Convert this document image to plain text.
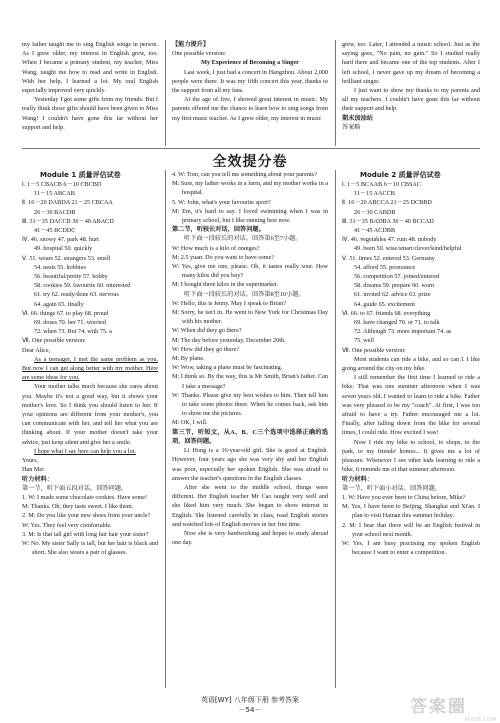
my father taught me to sing English songs in person. As I grew older, my interest in English grew, too. When I became a primary student, my teacher, Miss Wang, taught me how to read and write in English. With her help, I learned a lot. My oral English especially improved very quickly.

Yesterday I got some gifts from my friends. But I really think those gifts should have been given to Miss Wang! I couldn't have gone this far without her support and help.

【能力提升】

One possible version:

My Experience of Becoming a Singer

Last week, I just had a concert in Hangzhou. About 2,000 people were there. It was my fifth concert this year, thanks to the support from all my fans.

At the age of five, I showed great interest in music. My parents offered me the chance to learn how to sing songs from my first music teacher. As I grew older, my interest in music

grew, too. Later, I attended a music school. Just as the saying goes, "No pain, no gain." So I studied really hard there and became one of the top students. After I left school, I never gave up my dream of becoming a brilliant singer.

I just want to show my thanks to my parents and all my teachers. I couldn't have gone this far without their support and help.

期末加油站

答案略

全效提分卷
Module 1 质量评估试卷

Ⅰ. 1－5 CBACB 6－10 CBCBD

11－15 ABCAB

Ⅱ. 16－20 DABDA 21－25 CBCAA

26－30 BACDB

Ⅲ. 31－35 DACCB 36－40 ABACD

41－45 BCDDC

Ⅳ. 46. snowy 47. park 48. hurt

49. hospital 50. quickly

Ⅴ. 51. wears 52. strangers 53. smell

54. nests 55. hobbies

56. beautiful/pretty 57. hobby

58. cookies 59. favourite 60. interested

61. try 62. ready/done 63. nervous

64. again 65. finally

Ⅵ. 66. things 67. to play 68. proud

69. doses 70. her 71. worried

72. when 73. But 74. with 75. a

Ⅶ. One possible version:

Dear Alice,

As a teenager, I met the same problem as you. But now I can get along better with my mother. Here are some ideas for you.

Your mother talks much because she cares about you. Maybe it's not a good way, but it shows your mother's love. So I think you should listen to her. If your opinions are different from your mother's, you can communicate with her, and tell her what you are thinking about. If your mother doesn't take your advice, just keep silent and give her a smile.

I hope what I say here can help you a lot.

Yours,

Han Mei

听力材料：

第一节，听下面五段对话，回答问题。

1. W: I made some chocolate cookies. Have some!

M: Thanks. Oh, they taste sweet. I like them.

2. M: Do you like your new shoes from your uncle?

W: Yes. They feel very comfortable.

3. M: Is that tall girl with long fair hair your sister?

W: No. My sister Sally is tall, but her hair is black and short. She also wears a pair of glasses.

4. W: Tom, can you tell me something about your parents?

M: Sure, my father works in a farm, and my mother works in a hospital.

5. W: John, what's your favourite sport?

M: Em, it's hard to say. I loved swimming when I was in primary school, but I like running best now.

第二节，听较长对话，回答问题。

听下面一段较长的对话，回答第6至7小题。

W: How much is a kilo of oranges?

M: 2.5 yuan. Do you want to have some?

W: Yes, give me one, please. Oh, it tastes really sour. How many kilos did you buy?

M: I bought three kilos in the supermarket.

听下面一段较长的对话，回答第8至10小题。

W: Hello, this is Jenny. May I speak to Brian?

M: Sorry, he isn't in. He went to New York for Christmas Day with his mother.

W: When did they go there?

M: The day before yesterday, December 20th.

W: How did they go there?

M: By plane.

W: Wow, taking a plane must be fascinating.

M: I think so. By the way, this is Mr Smith, Brian's father. Can I take a message?

W: Thanks. Please give my best wishes to him. Then tell him to take some photos there. When he comes back, ask him to show me the pictures.

M: OK, I will.

第三节，听短文，从A、B、C三个选项中选择正确的选项，回答问题。

Li Hong is a 16-year-old girl. She is good at English. However, four years ago she was very shy and her English was poor, especially her spoken English. She was afraid to answer the teacher's questions in the English classes.

After she went to the middle school, things were different. Her English teacher Mr Cao taught very well and she liked him very much. She began to show interest in English. She listened carefully in class, read English stories and watched lots of English movies in her free time.

Now she is very hardworking and hopes to study abroad one day.

Module 2 质量评估试卷

Ⅰ. 1－5 BCAAB 6－10 CBSAC

11－15 AACCB

Ⅱ. 16－20 ABCCA 21－25 DCBBD

26－30 CABDB

Ⅲ. 31－35 BADBA 36－40 BCCAD

41－45 ACDBB

Ⅳ. 46. vegetables 47. ruin 48. nobody

49. been 50. wise/smart/clever/kind/helpful

Ⅴ. 51. times 52. entered 53. Germany

54. afford 55. pronounce

56. competition 57. joined/entered

58. dreams 59. prepare 60. worn

61. invited 62. advice 63. prize

64. guide 65. excitement

Ⅵ. 66. to 67. friends 68. everything

69. have changed 70. or 71. to talk

72. Although 73. more important 74. as

75. well

Ⅶ. One possible version:

Most students can ride a bike, and so can I. I like going around the city on my bike.

I still remember the first time I learned to ride a bike. That was one summer afternoon when I was seven years old. I wanted to learn to ride a bike. Father was very pleased to be my "coach". At first, I was too afraid to have a try. Father encouraged me a lot. Finally, after falling down from the bike for several times, I could ride. How excited I was!

Now I ride my bike to school, to shops, to the park, to my friends' homes... It gives me a lot of pleasure. Whenever I see other kids learning to ride a bike, it reminds me of that summer afternoon.

听力材料：

第一节，听下面小对话，回答问题。

1. W: Have you ever been to China before, Mike?

M: Yes, I have been to Beijing, Shanghai and Xi'an. I plan to visit Hainan this summer holiday.

2. M: I hear that there will be an English festival in your school next month.

W: Yes, I am busy practising my spoken English because I want to enter a competition.

英语[WY] 八年级下册 参考答案 －54－	答案圈
MXQE.COM
